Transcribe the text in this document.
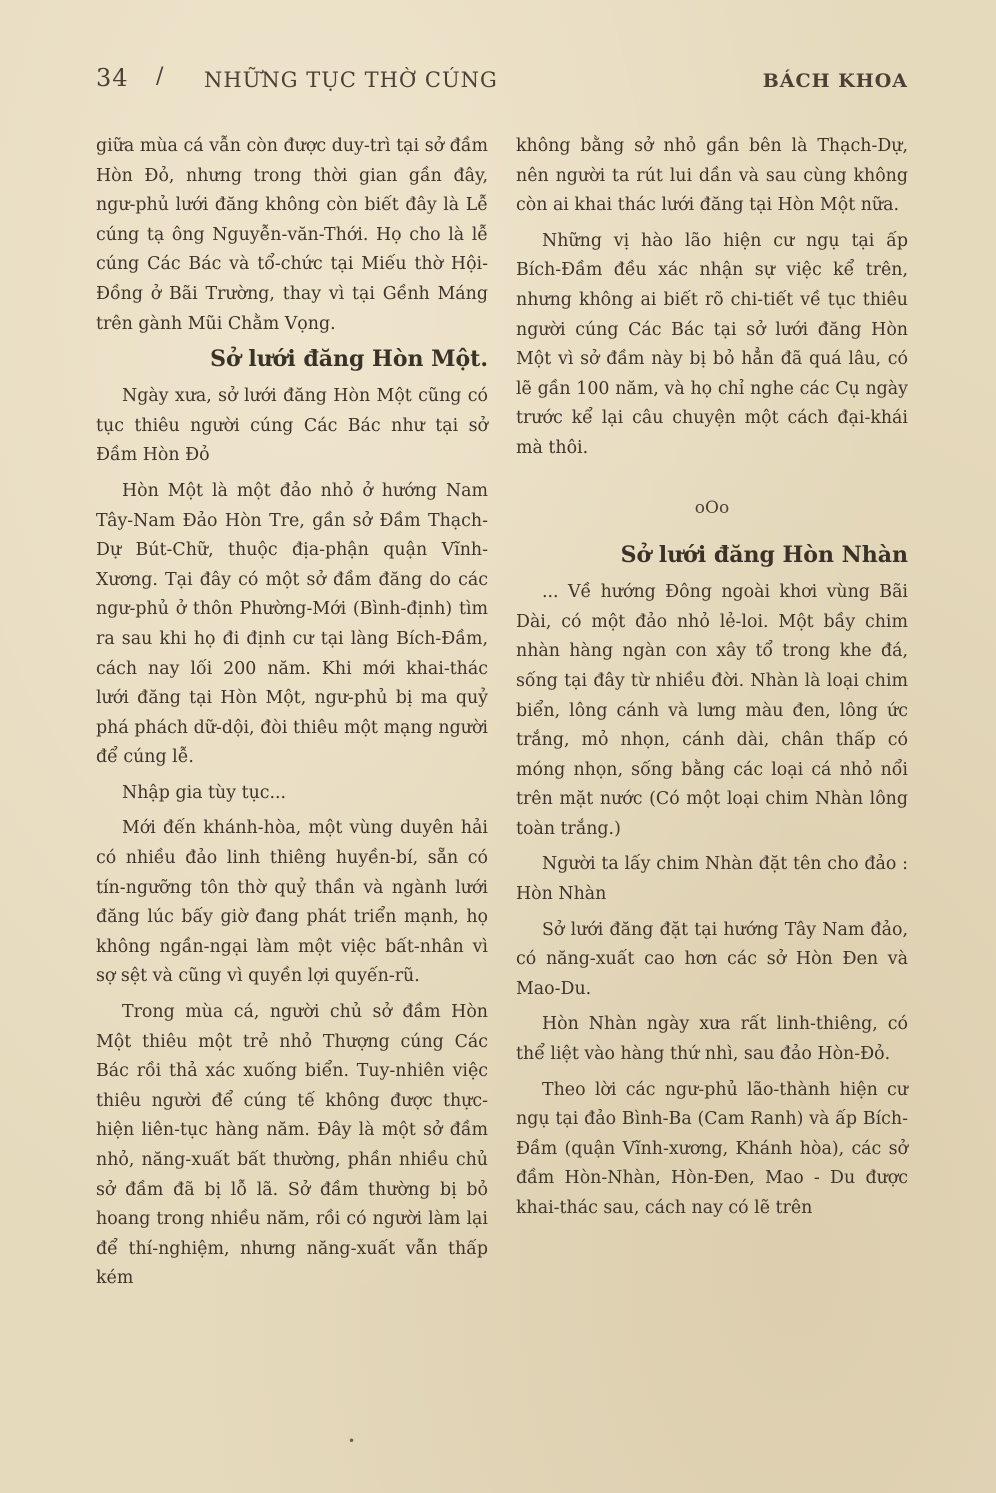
34 / NHỮNG TỤC THỜ CÚNG	BÁCH KHOA

giữa mùa cá vẫn còn được duy-trì tại sở đầm Hòn Đỏ, nhưng trong thời gian gần đây, ngư-phủ lưới đăng không còn biết đây là Lễ cúng tạ ông Nguyễn-văn-Thới. Họ cho là lễ cúng Các Bác và tổ-chức tại Miếu thờ Hội-Đồng ở Bãi Trường, thay vì tại Gềnh Máng trên gành Mũi Chằm Vọng.

Sở lưới đăng Hòn Một.

Ngày xưa, sở lưới đăng Hòn Một cũng có tục thiêu người cúng Các Bác như tại sở Đầm Hòn Đỏ

Hòn Một là một đảo nhỏ ở hướng Nam Tây-Nam Đảo Hòn Tre, gần sở Đầm Thạch-Dự Bút-Chữ, thuộc địa-phận quận Vĩnh-Xương. Tại đây có một sở đầm đăng do các ngư-phủ ở thôn Phường-Mới (Bình-định) tìm ra sau khi họ đi định cư tại làng Bích-Đầm, cách nay lối 200 năm. Khi mới khai-thác lưới đăng tại Hòn Một, ngư-phủ bị ma quỷ phá phách dữ-dội, đòi thiêu một mạng người để cúng lễ.

Nhập gia tùy tục...

Mới đến khánh-hòa, một vùng duyên hải có nhiều đảo linh thiêng huyền-bí, sẵn có tín-ngưỡng tôn thờ quỷ thần và ngành lưới đăng lúc bấy giờ đang phát triển mạnh, họ không ngần-ngại làm một việc bất-nhân vì sợ sệt và cũng vì quyền lợi quyến-rũ.

Trong mùa cá, người chủ sở đầm Hòn Một thiêu một trẻ nhỏ Thượng cúng Các Bác rồi thả xác xuống biển. Tuy-nhiên việc thiêu người để cúng tế không được thực-hiện liên-tục hàng năm. Đây là một sở đầm nhỏ, năng-xuất bất thường, phần nhiều chủ sở đầm đã bị lỗ lã. Sở đầm thường bị bỏ hoang trong nhiều năm, rồi có người làm lại để thí-nghiệm, nhưng năng-xuất vẫn thấp kém

không bằng sở nhỏ gần bên là Thạch-Dự, nên người ta rút lui dần và sau cùng không còn ai khai thác lưới đăng tại Hòn Một nữa.

Những vị hào lão hiện cư ngụ tại ấp Bích-Đầm đều xác nhận sự việc kể trên, nhưng không ai biết rõ chi-tiết về tục thiêu người cúng Các Bác tại sở lưới đăng Hòn Một vì sở đầm này bị bỏ hẳn đã quá lâu, có lẽ gần 100 năm, và họ chỉ nghe các Cụ ngày trước kể lại câu chuyện một cách đại-khái mà thôi.

oOo
Sở lưới đăng Hòn Nhàn

... Về hướng Đông ngoài khơi vùng Bãi Dài, có một đảo nhỏ lẻ-loi. Một bầy chim nhàn hàng ngàn con xây tổ trong khe đá, sống tại đây từ nhiều đời. Nhàn là loại chim biển, lông cánh và lưng màu đen, lông ức trắng, mỏ nhọn, cánh dài, chân thấp có móng nhọn, sống bằng các loại cá nhỏ nổi trên mặt nước (Có một loại chim Nhàn lông toàn trắng.)

Người ta lấy chim Nhàn đặt tên cho đảo : Hòn Nhàn

Sở lưới đăng đặt tại hướng Tây Nam đảo, có năng-xuất cao hơn các sở Hòn Đen và Mao-Du.

Hòn Nhàn ngày xưa rất linh-thiêng, có thể liệt vào hàng thứ nhì, sau đảo Hòn-Đỏ.

Theo lời các ngư-phủ lão-thành hiện cư ngụ tại đảo Bình-Ba (Cam Ranh) và ấp Bích-Đầm (quận Vĩnh-xương, Khánh hòa), các sở đầm Hòn-Nhàn, Hòn-Đen, Mao - Du được khai-thác sau, cách nay có lẽ trên

•
